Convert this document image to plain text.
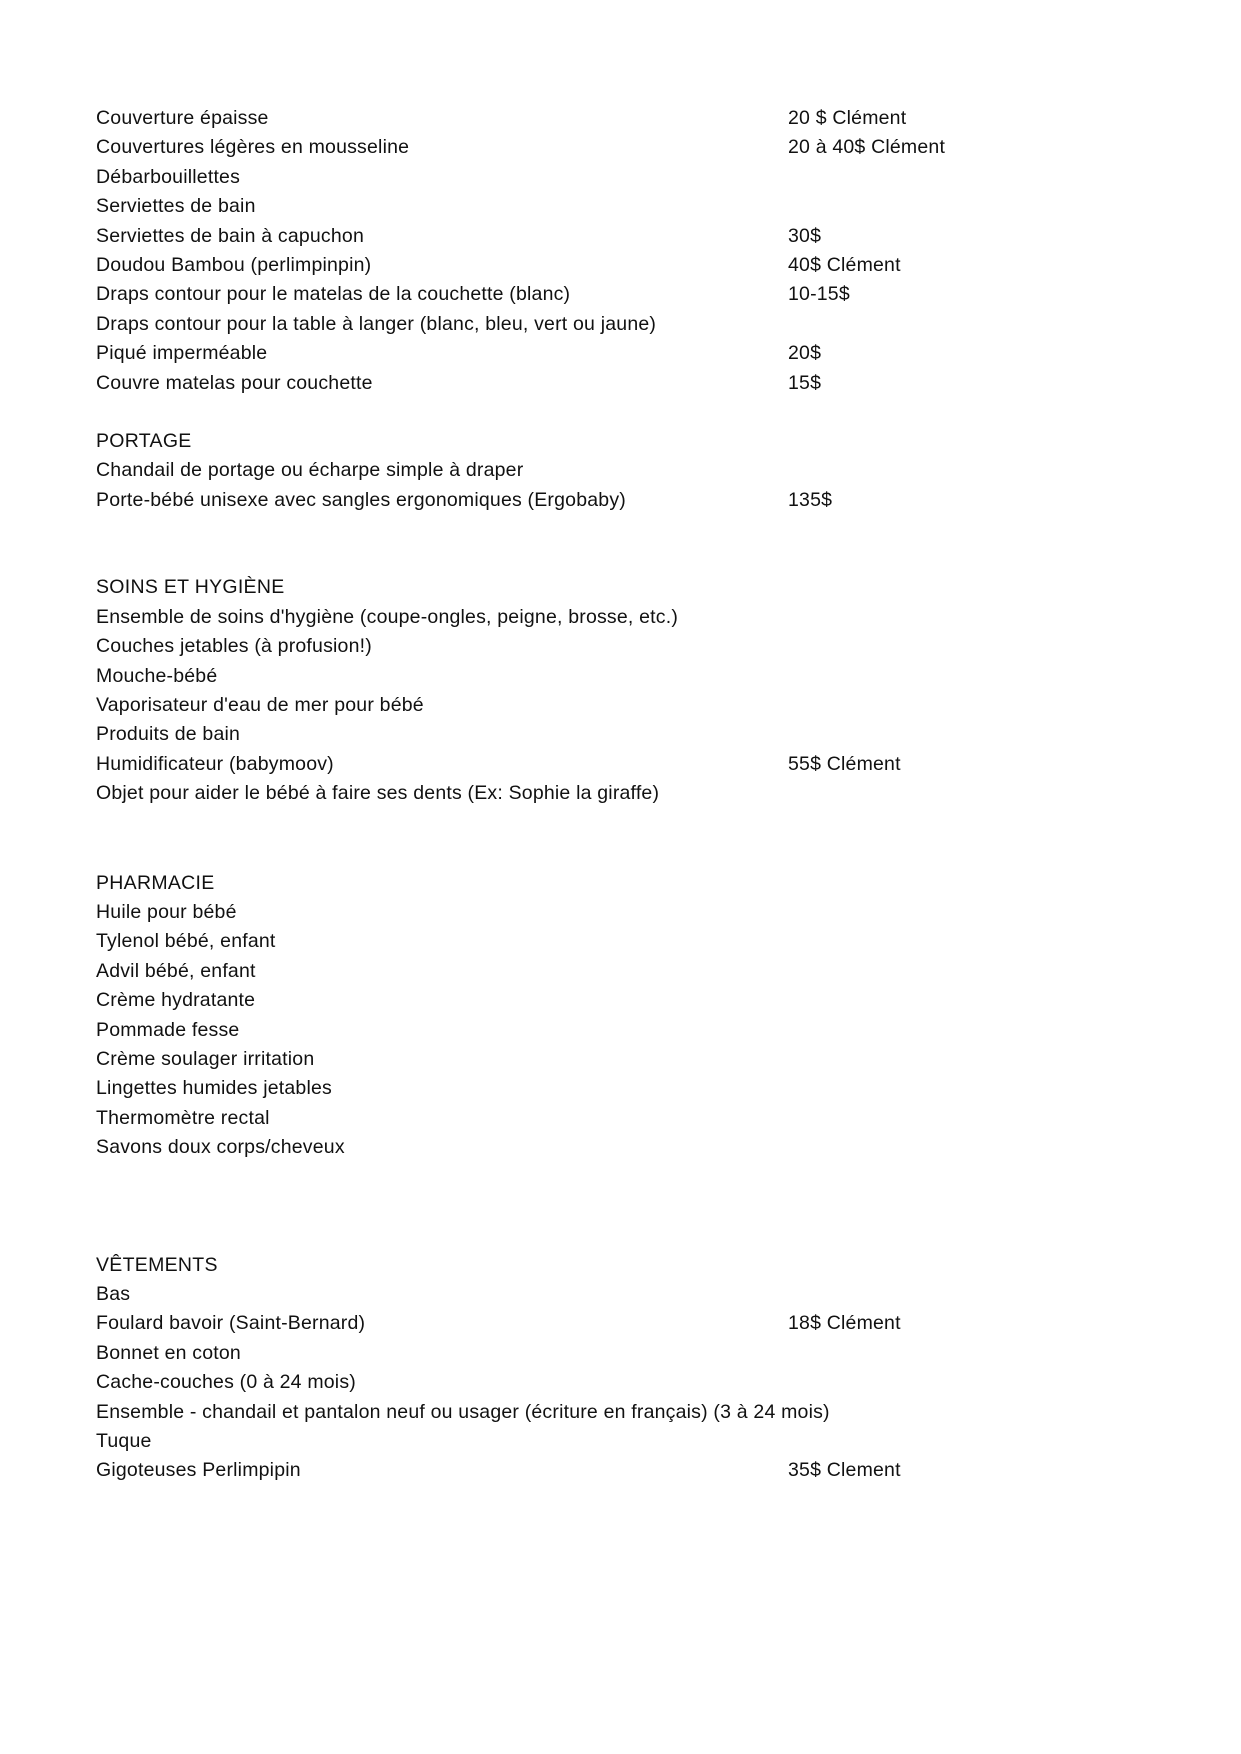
Couverture épaisse	20 $ Clément
Couvertures légères en mousseline	20 à 40$ Clément
Débarbouillettes
Serviettes de bain
Serviettes de bain à capuchon	30$
Doudou Bambou (perlimpinpin)	40$ Clément
Draps contour pour le matelas de la couchette (blanc)	10-15$
Draps contour pour la table à langer (blanc, bleu, vert ou jaune)
Piqué imperméable	20$
Couvre matelas pour couchette	15$
PORTAGE
Chandail de portage ou écharpe simple à draper
Porte-bébé unisexe avec sangles ergonomiques (Ergobaby)	135$
SOINS ET HYGIÈNE
Ensemble de soins d'hygiène (coupe-ongles, peigne, brosse, etc.)
Couches jetables (à profusion!)
Mouche-bébé
Vaporisateur d'eau de mer pour bébé
Produits de bain
Humidificateur (babymoov)	55$ Clément
Objet pour aider le bébé à faire ses dents (Ex: Sophie la giraffe)
PHARMACIE
Huile pour bébé
Tylenol bébé, enfant
Advil bébé, enfant
Crème hydratante
Pommade fesse
Crème soulager irritation
Lingettes humides jetables
Thermomètre rectal
Savons doux corps/cheveux
VÊTEMENTS
Bas
Foulard bavoir (Saint-Bernard)	18$ Clément
Bonnet en coton
Cache-couches (0 à 24 mois)
Ensemble - chandail et pantalon neuf ou usager (écriture en français) (3 à 24 mois)
Tuque
Gigoteuses Perlimpipin	35$ Clement
